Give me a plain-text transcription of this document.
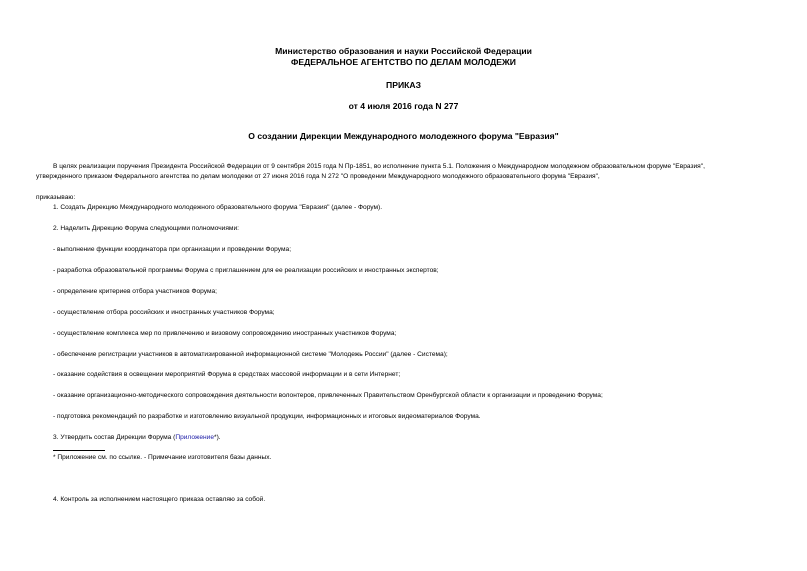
Министерство образования и науки Российской Федерации
ФЕДЕРАЛЬНОЕ АГЕНТСТВО ПО ДЕЛАМ МОЛОДЕЖИ
ПРИКАЗ
от 4 июля 2016 года N 277
О создании Дирекции Международного молодежного форума "Евразия"
В целях реализации поручения Президента Российской Федерации от 9 сентября 2015 года N Пр-1851, во исполнение пункта 5.1. Положения о Международном молодежном образовательном форуме "Евразия",
утвержденного приказом Федерального агентства по делам молодежи от 27 июня 2016 года N 272 "О проведении Международного молодежного образовательного форума "Евразия",
приказываю:
1. Создать Дирекцию Международного молодежного образовательного форума "Евразия" (далее - Форум).
2. Наделить Дирекцию Форума следующими полномочиями:
- выполнение функции координатора при организации и проведении Форума;
- разработка образовательной программы Форума с приглашением для ее реализации российских и иностранных экспертов;
- определение критериев отбора участников Форума;
- осуществление отбора российских и иностранных участников Форума;
- осуществление комплекса мер по привлечению и визовому сопровождению иностранных участников Форума;
- обеспечение регистрации участников в автоматизированной информационной системе "Молодежь России" (далее - Система);
- оказание содействия в освещении мероприятий Форума в средствах массовой информации и в сети Интернет;
- оказание организационно-методического сопровождения деятельности волонтеров, привлеченных Правительством Оренбургской области к организации и проведению Форума;
- подготовка рекомендаций по разработке и изготовлению визуальной продукции, информационных и итоговых видеоматериалов Форума.
3. Утвердить состав Дирекции Форума (Приложение*).
* Приложение см. по ссылке. - Примечание изготовителя базы данных.
4. Контроль за исполнением настоящего приказа оставляю за собой.
